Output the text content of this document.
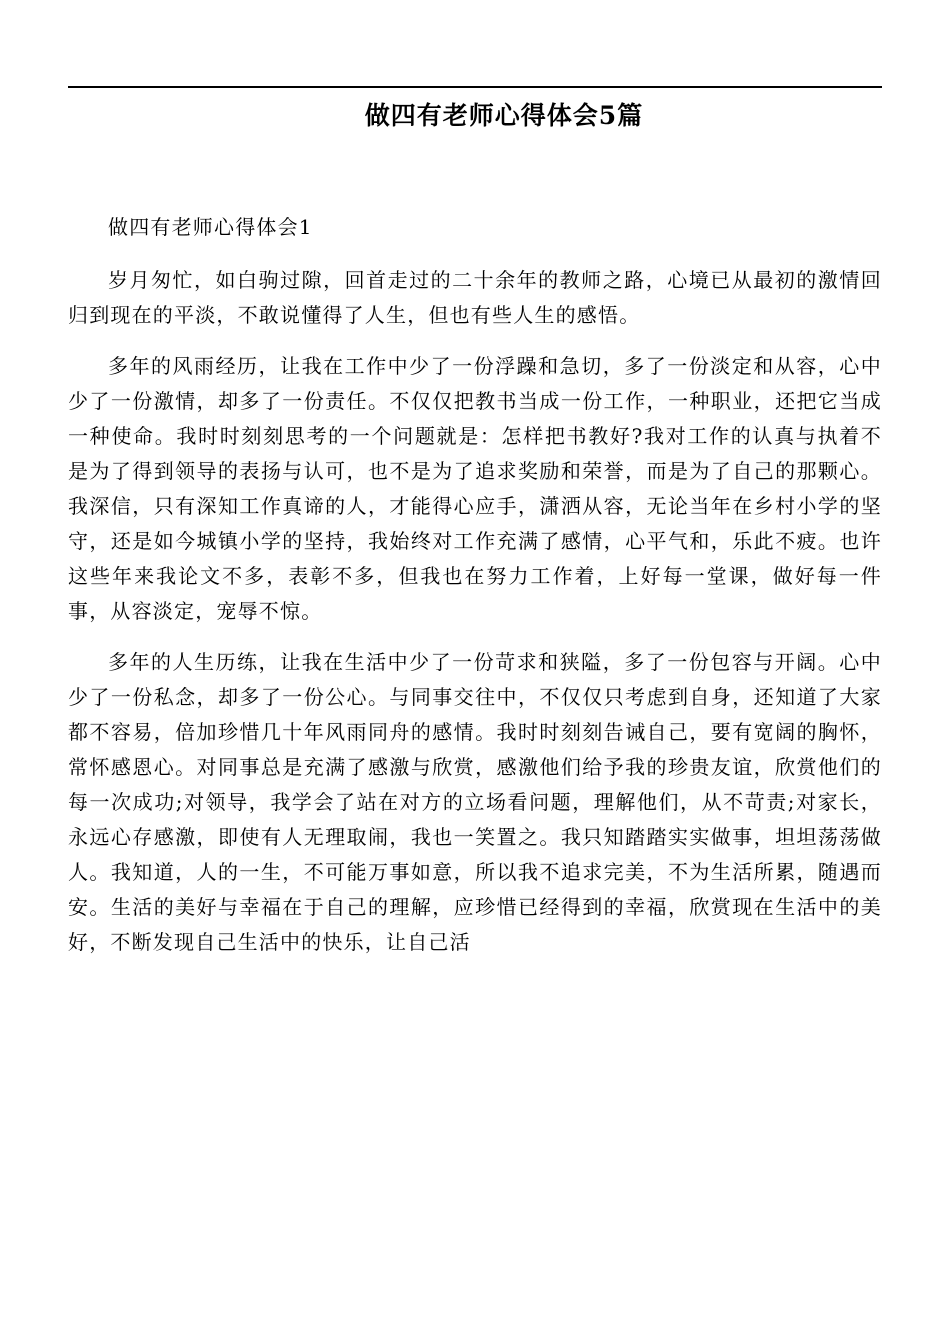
做四有老师心得体会5篇

做四有老师心得体会1

岁月匆忙，如白驹过隙，回首走过的二十余年的教师之路，心境已从最初的激情回归到现在的平淡，不敢说懂得了人生，但也有些人生的感悟。

多年的风雨经历，让我在工作中少了一份浮躁和急切，多了一份淡定和从容，心中少了一份激情，却多了一份责任。不仅仅把教书当成一份工作，一种职业，还把它当成一种使命。我时时刻刻思考的一个问题就是：怎样把书教好?我对工作的认真与执着不是为了得到领导的表扬与认可，也不是为了追求奖励和荣誉，而是为了自己的那颗心。我深信，只有深知工作真谛的人，才能得心应手，潇洒从容，无论当年在乡村小学的坚守，还是如今城镇小学的坚持，我始终对工作充满了感情，心平气和，乐此不疲。也许这些年来我论文不多，表彰不多，但我也在努力工作着，上好每一堂课，做好每一件事，从容淡定，宠辱不惊。

多年的人生历练，让我在生活中少了一份苛求和狭隘，多了一份包容与开阔。心中少了一份私念，却多了一份公心。与同事交往中，不仅仅只考虑到自身，还知道了大家都不容易，倍加珍惜几十年风雨同舟的感情。我时时刻刻告诫自己，要有宽阔的胸怀，常怀感恩心。对同事总是充满了感激与欣赏，感激他们给予我的珍贵友谊，欣赏他们的每一次成功;对领导，我学会了站在对方的立场看问题，理解他们，从不苛责;对家长，永远心存感激，即使有人无理取闹，我也一笑置之。我只知踏踏实实做事，坦坦荡荡做人。我知道，人的一生，不可能万事如意，所以我不追求完美，不为生活所累，随遇而安。生活的美好与幸福在于自己的理解，应珍惜已经得到的幸福，欣赏现在生活中的美好，不断发现自己生活中的快乐，让自己活
